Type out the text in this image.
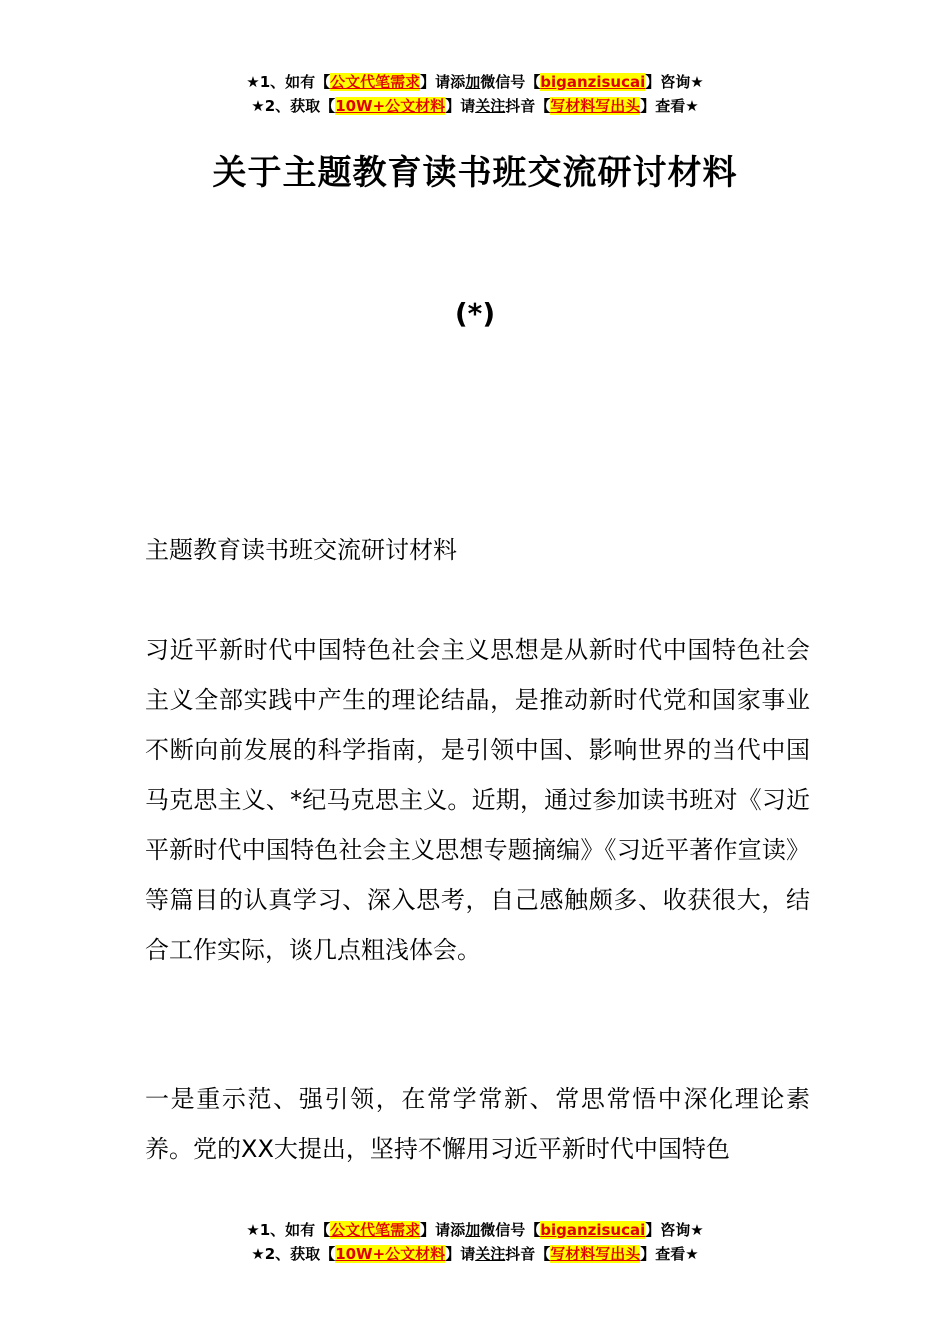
★1、如有【公文代笔需求】请添加微信号【biganzisucai】咨询★
★2、获取【10W+公文材料】请关注抖音【写材料写出头】查看★
关于主题教育读书班交流研讨材料
(*)
主题教育读书班交流研讨材料
习近平新时代中国特色社会主义思想是从新时代中国特色社会主义全部实践中产生的理论结晶，是推动新时代党和国家事业不断向前发展的科学指南，是引领中国、影响世界的当代中国马克思主义、*纪马克思主义。近期，通过参加读书班对《习近平新时代中国特色社会主义思想专题摘编》《习近平著作宣读》等篇目的认真学习、深入思考，自己感触颇多、收获很大，结合工作实际，谈几点粗浅体会。
一是重示范、强引领，在常学常新、常思常悟中深化理论素养。党的XX大提出，坚持不懈用习近平新时代中国特色
★1、如有【公文代笔需求】请添加微信号【biganzisucai】咨询★
★2、获取【10W+公文材料】请关注抖音【写材料写出头】查看★
